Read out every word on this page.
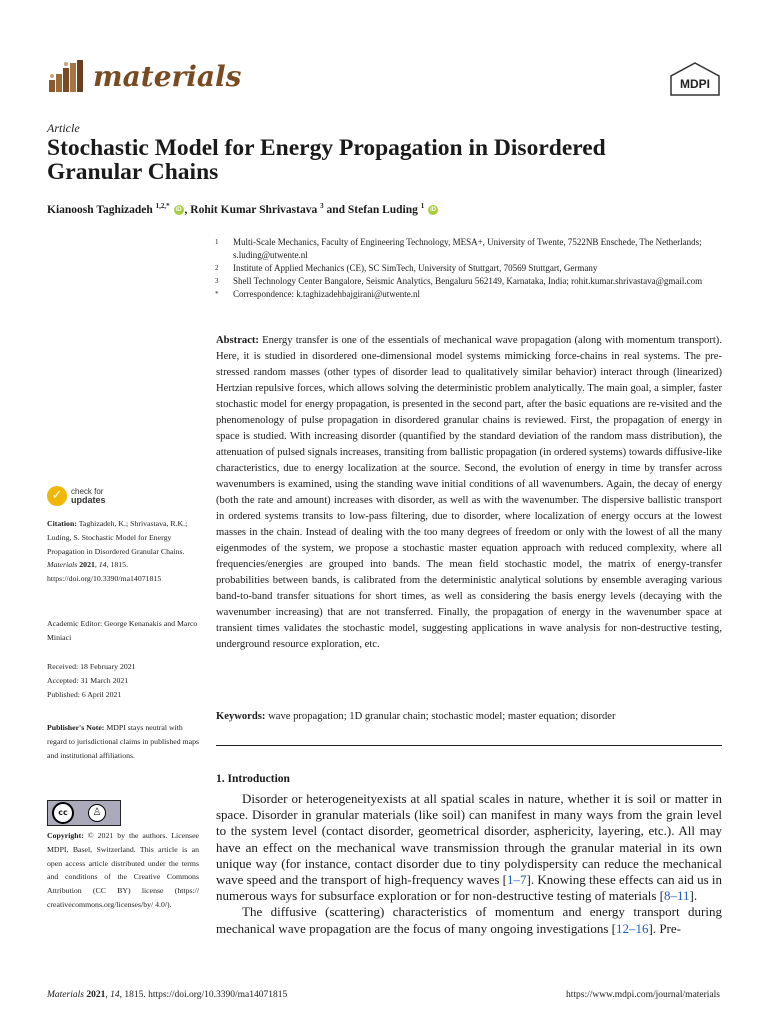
materials	MDPI
Article
Stochastic Model for Energy Propagation in Disordered Granular Chains
Kianoosh Taghizadeh $^{1,2,*}$ iD , Rohit Kumar Shrivastava $^3$ and Stefan Luding $^1$ iD
1	Multi-Scale Mechanics, Faculty of Engineering Technology, MESA+, University of Twente, 7522NB Enschede, The Netherlands; s.luding@utwente.nl
2	Institute of Applied Mechanics (CE), SC SimTech, University of Stuttgart, 70569 Stuttgart, Germany
3	Shell Technology Center Bangalore, Seismic Analytics, Bengaluru 562149, Karnataka, India; rohit.kumar.shrivastava@gmail.com
*	Correspondence: k.taghizadehbajgirani@utwente.nl
Abstract: Energy transfer is one of the essentials of mechanical wave propagation (along with momentum transport). Here, it is studied in disordered one-dimensional model systems mimicking force-chains in real systems. The pre-stressed random masses (other types of disorder lead to qualitatively similar behavior) interact through (linearized) Hertzian repulsive forces, which allows solving the deterministic problem analytically. The main goal, a simpler, faster stochastic model for energy propagation, is presented in the second part, after the basic equations are re-visited and the phenomenology of pulse propagation in disordered granular chains is reviewed. First, the propagation of energy in space is studied. With increasing disorder (quantified by the standard deviation of the random mass distribution), the attenuation of pulsed signals increases, transiting from ballistic propagation (in ordered systems) towards diffusive-like characteristics, due to energy localization at the source. Second, the evolution of energy in time by transfer across wavenumbers is examined, using the standing wave initial conditions of all wavenumbers. Again, the decay of energy (both the rate and amount) increases with disorder, as well as with the wavenumber. The dispersive ballistic transport in ordered systems transits to low-pass filtering, due to disorder, where localization of energy occurs at the lowest masses in the chain. Instead of dealing with the too many degrees of freedom or only with the lowest of all the many eigenmodes of the system, we propose a stochastic master equation approach with reduced complexity, where all frequencies/energies are grouped into bands. The mean field stochastic model, the matrix of energy-transfer probabilities between bands, is calibrated from the deterministic analytical solutions by ensemble averaging various band-to-band transfer situations for short times, as well as considering the basis energy levels (decaying with the wavenumber increasing) that are not transferred. Finally, the propagation of energy in the wavenumber space at transient times validates the stochastic model, suggesting applications in wave analysis for non-destructive testing, underground resource exploration, etc.
Keywords: wave propagation; 1D granular chain; stochastic model; master equation; disorder
✓	check for
updates
Citation: Taghizadeh, K.; Shrivastava, R.K.; Luding, S. Stochastic Model for Energy Propagation in Disordered Granular Chains. Materials 2021, 14, 1815. https://doi.org/10.3390/ma14071815
Academic Editor: George Kenanakis and Marco Miniaci
Received: 18 February 2021
Accepted: 31 March 2021
Published: 6 April 2021
Publisher's Note: MDPI stays neutral with regard to jurisdictional claims in published maps and institutional affiliations.
cc	♙
Copyright: © 2021 by the authors. Licensee MDPI, Basel, Switzerland. This article is an open access article distributed under the terms and conditions of the Creative Commons Attribution (CC BY) license (https:// creativecommons.org/licenses/by/ 4.0/).
1. Introduction

Disorder or heterogeneityexists at all spatial scales in nature, whether it is soil or matter in space. Disorder in granular materials (like soil) can manifest in many ways from the grain level to the system level (contact disorder, geometrical disorder, asphericity, layering, etc.). All may have an effect on the mechanical wave transmission through the granular material in its own unique way (for instance, contact disorder due to tiny polydispersity can reduce the mechanical wave speed and the transport of high-frequency waves [1–7]. Knowing these effects can aid us in numerous ways for subsurface exploration or for non-destructive testing of materials [8–11].

The diffusive (scattering) characteristics of momentum and energy transport during mechanical wave propagation are the focus of many ongoing investigations [12–16]. Pre-

Materials 2021, 14, 1815. https://doi.org/10.3390/ma14071815	https://www.mdpi.com/journal/materials
